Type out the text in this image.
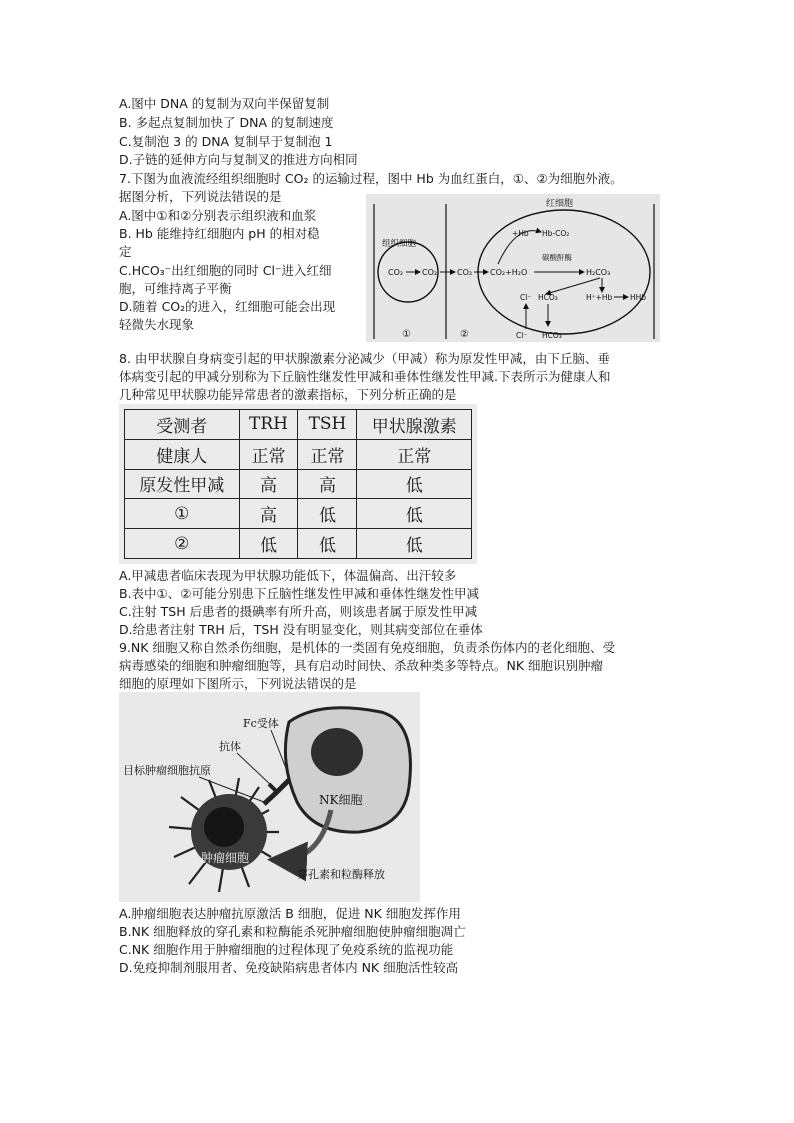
A.图中 DNA 的复制为双向半保留复制
B. 多起点复制加快了 DNA 的复制速度
C.复制泡 3 的 DNA 复制早于复制泡 1
D.子链的延伸方向与复制叉的推进方向相同
7.下图为血液流经组织细胞时 CO₂ 的运输过程，图中 Hb 为血红蛋白，①、②为细胞外液。
据图分析，下列说法错误的是
A.图中①和②分别表示组织液和血浆
B. Hb 能维持红细胞内 pH 的相对稳
定
C.HCO₃⁻出红细胞的同时 Cl⁻进入红细
胞，可维持离子平衡
D.随着 CO₂的进入，红细胞可能会出现
轻微失水现象
红细胞
组织细胞
CO₂ CO₂ CO₂ CO₂+H₂O
碳酸酐酶
H₂CO₃
+Hb Hb-CO₂
Cl⁻ HCO₃	H⁺+Hb HHb
Cl⁻ HCO₃⁻
①	②
8. 由甲状腺自身病变引起的甲状腺激素分泌减少（甲减）称为原发性甲减，由下丘脑、垂
体病变引起的甲减分别称为下丘脑性继发性甲减和垂体性继发性甲减.下表所示为健康人和
几种常见甲状腺功能异常患者的激素指标，下列分析正确的是
受测者	TRH	TSH	甲状腺激素
健康人	正常	正常	正常
原发性甲减	高	高	低
①	高	低	低
②	低	低	低
A.甲减患者临床表现为甲状腺功能低下，体温偏高、出汗较多
B.表中①、②可能分别患下丘脑性继发性甲减和垂体性继发性甲减
C.注射 TSH 后患者的摄碘率有所升高，则该患者属于原发性甲减
D.给患者注射 TRH 后，TSH 没有明显变化，则其病变部位在垂体
9.NK 细胞又称自然杀伤细胞，是机体的一类固有免疫细胞，负责杀伤体内的老化细胞、受
病毒感染的细胞和肿瘤细胞等，具有启动时间快、杀敌种类多等特点。NK 细胞识别肿瘤
细胞的原理如下图所示，下列说法错误的是
NK细胞
肿瘤细胞
Fc受体
抗体
目标肿瘤细胞抗原
穿孔素和粒酶释放
A.肿瘤细胞表达肿瘤抗原激活 B 细胞，促进 NK 细胞发挥作用
B.NK 细胞释放的穿孔素和粒酶能杀死肿瘤细胞使肿瘤细胞凋亡
C.NK 细胞作用于肿瘤细胞的过程体现了免疫系统的监视功能
D.免疫抑制剂服用者、免疫缺陷病患者体内 NK 细胞活性较高
